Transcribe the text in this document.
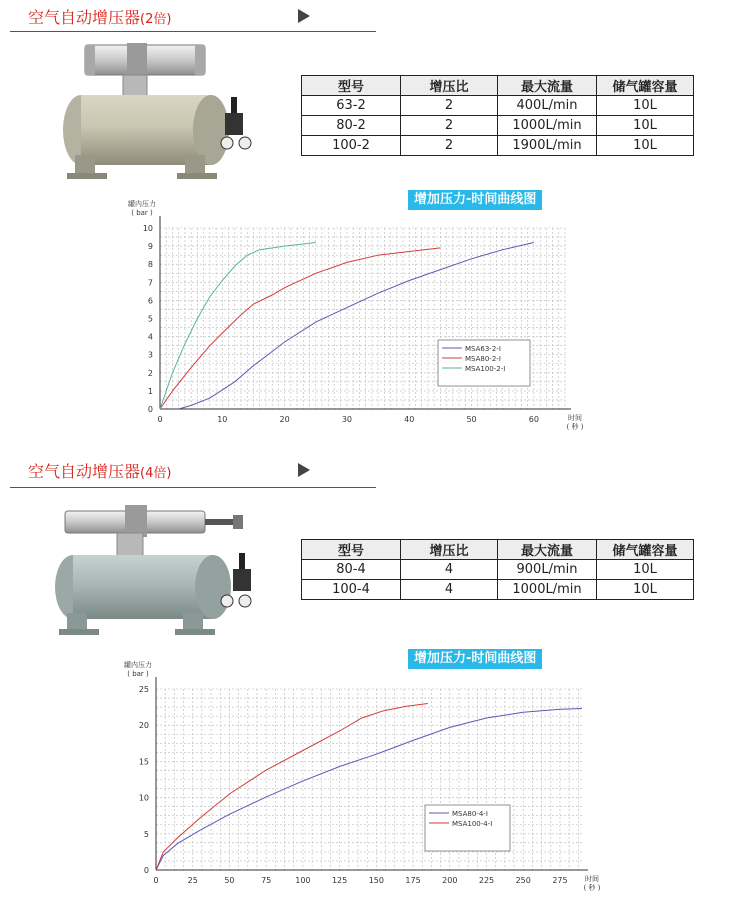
空气自动增压器(2倍)
型号	增压比	最大流量	储气罐容量
63-2	2	400L/min	10L
80-2	2	1000L/min	10L
100-2	2	1900L/min	10L
增加压力-时间曲线图
0	10	20	30	40	50	60
0
1
2
3
4
5
6
7
8
9
10
罐内压力
( bar )
时间
( 秒 )
MSA63-2-I
MSA80-2-I
MSA100-2-I
空气自动增压器(4倍)
型号	增压比	最大流量	储气罐容量
80-4	4	900L/min	10L
100-4	4	1000L/min	10L
增加压力-时间曲线图
0	25	50	75	100	125	150	175	200	225	250	275
0
5
10
15
20
25
罐内压力
( bar )
时间
( 秒 )
MSA80-4-I
MSA100-4-I
